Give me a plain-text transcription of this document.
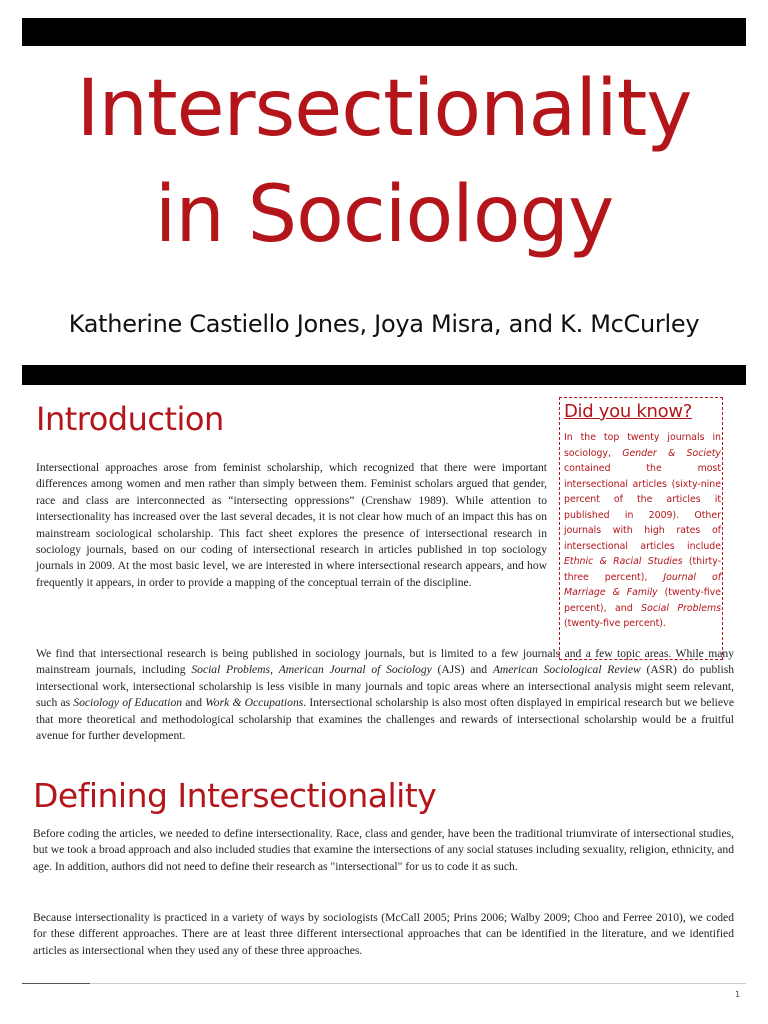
Intersectionality
in Sociology
Katherine Castiello Jones, Joya Misra, and K. McCurley
Introduction

Intersectional approaches arose from feminist scholarship, which recognized that there were important differences among women and men rather than simply between them. Feminist scholars argued that gender, race and class are interconnected as “intersecting oppressions” (Crenshaw 1989). While attention to intersectionality has increased over the last several decades, it is not clear how much of an impact this has on mainstream sociological scholarship. This fact sheet explores the presence of intersectional research in sociology journals, based on our coding of intersectional research in articles published in top sociology journals in 2009. At the most basic level, we are interested in where intersectional research appears, and how frequently it appears, in order to provide a mapping of the conceptual terrain of the discipline.

We find that intersectional research is being published in sociology journals, but is limited to a few journals and a few topic areas. While many mainstream journals, including Social Problems, American Journal of Sociology (AJS) and American Sociological Review (ASR) do publish intersectional work, intersectional scholarship is less visible in many journals and topic areas where an intersectional analysis might seem relevant, such as Sociology of Education and Work & Occupations. Intersectional scholarship is also most often displayed in empirical research but we believe that more theoretical and methodological scholarship that examines the challenges and rewards of intersectional scholarship would be a fruitful avenue for further development.

Did you know?

In the top twenty journals in sociology, Gender & Society contained the most intersectional articles (sixty-nine percent of the articles it published in 2009). Other journals with high rates of intersectional articles include Ethnic & Racial Studies (thirty-three percent), Journal of Marriage & Family (twenty-five percent), and Social Problems (twenty-five percent).

Defining Intersectionality

Before coding the articles, we needed to define intersectionality. Race, class and gender, have been the traditional triumvirate of intersectional studies, but we took a broad approach and also included studies that examine the intersections of any social statuses including sexuality, religion, ethnicity, and age. In addition, authors did not need to define their research as "intersectional" for us to code it as such.

Because intersectionality is practiced in a variety of ways by sociologists (McCall 2005; Prins 2006; Walby 2009; Choo and Ferree 2010), we coded for these different approaches. There are at least three different intersectional approaches that can be identified in the literature, and we identified articles as intersectional when they used any of these three approaches.

1
